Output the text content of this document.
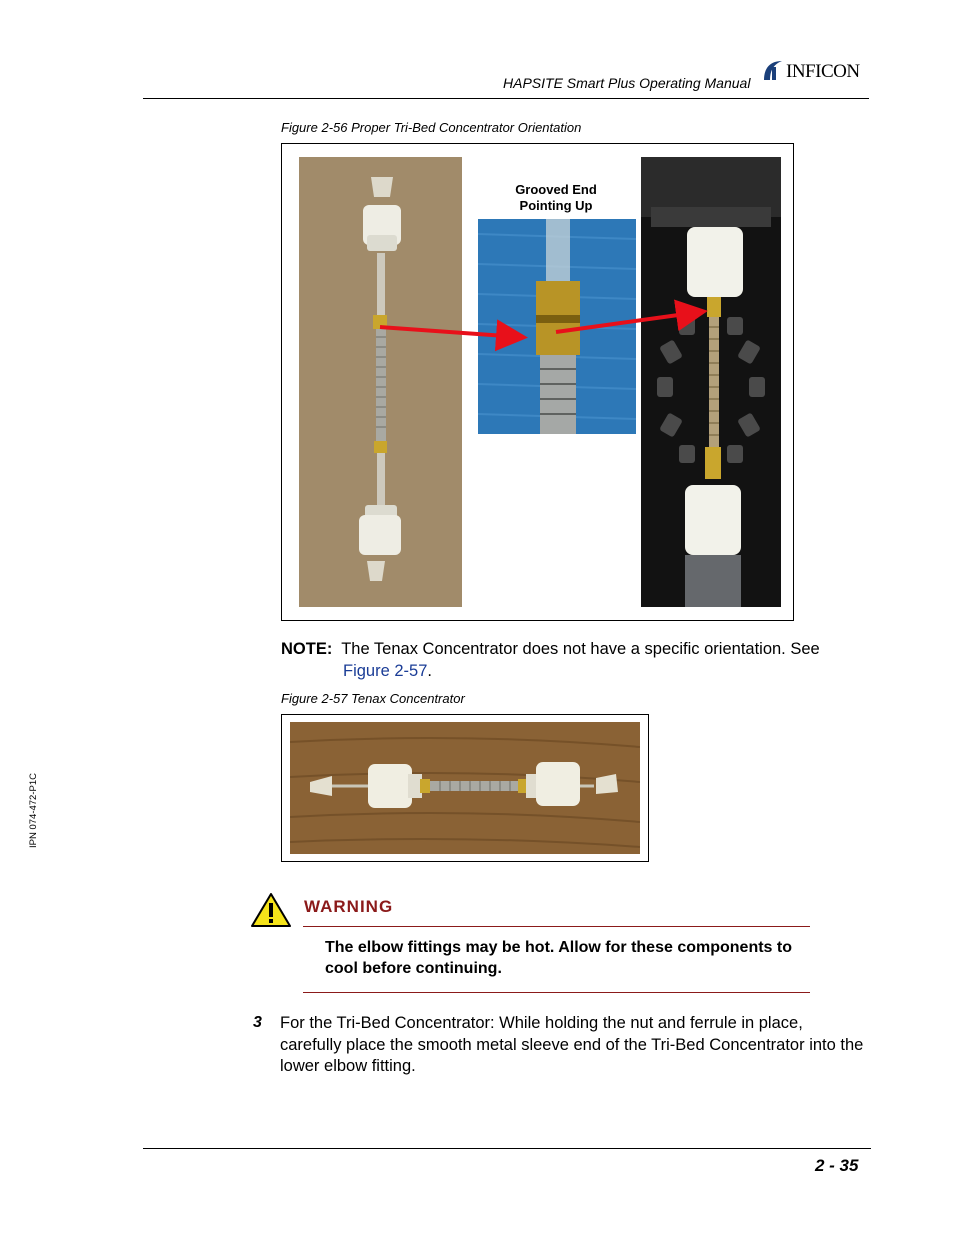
HAPSITE Smart Plus Operating Manual
INFICON
Figure 2-56 Proper Tri-Bed Concentrator Orientation
Grooved End
Pointing Up
NOTE: The Tenax Concentrator does not have a specific orientation. See
Figure 2-57.
Figure 2-57 Tenax Concentrator
WARNING
The elbow fittings may be hot. Allow for these components to cool before continuing.
3 For the Tri-Bed Concentrator: While holding the nut and ferrule in place, carefully place the smooth metal sleeve end of the Tri-Bed Concentrator into the lower elbow fitting.
2 - 35
IPN 074-472-P1C
